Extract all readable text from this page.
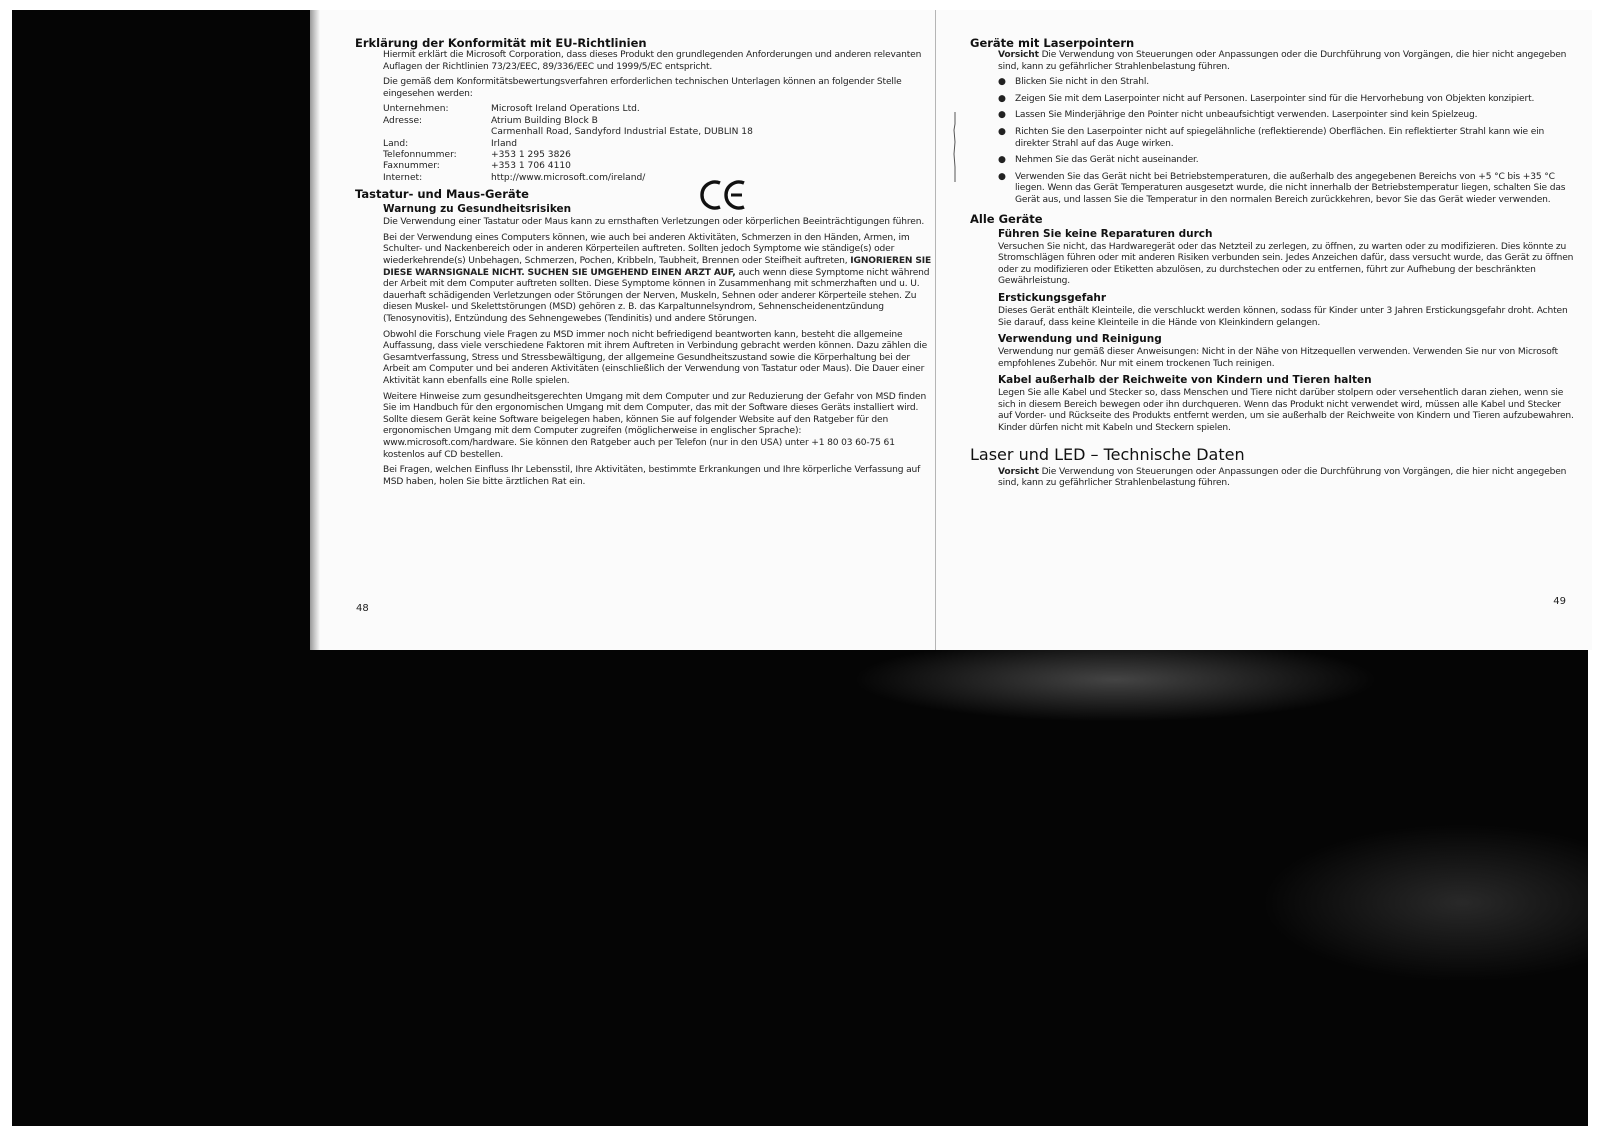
Erklärung der Konformität mit EU-Richtlinien

Hiermit erklärt die Microsoft Corporation, dass dieses Produkt den grundlegenden Anforderungen und anderen relevanten Auflagen der Richtlinien 73/23/EEC, 89/336/EEC und 1999/5/EC entspricht.

Die gemäß dem Konformitätsbewertungsverfahren erforderlichen technischen Unterlagen können an folgender Stelle eingesehen werden:

Unternehmen:	Microsoft Ireland Operations Ltd.
Adresse:	Atrium Building Block B
Carmenhall Road, Sandyford Industrial Estate, DUBLIN 18
Land:	Irland
Telefonnummer:	+353 1 295 3826
Faxnummer:	+353 1 706 4110
Internet:	http://www.microsoft.com/ireland/
Tastatur- und Maus-Geräte
Warnung zu Gesundheitsrisiken

Die Verwendung einer Tastatur oder Maus kann zu ernsthaften Verletzungen oder körperlichen Beeinträchtigungen führen.

Bei der Verwendung eines Computers können, wie auch bei anderen Aktivitäten, Schmerzen in den Händen, Armen, im Schulter- und Nackenbereich oder in anderen Körperteilen auftreten. Sollten jedoch Symptome wie ständige(s) oder wiederkehrende(s) Unbehagen, Schmerzen, Pochen, Kribbeln, Taubheit, Brennen oder Steifheit auftreten, IGNORIEREN SIE DIESE WARNSIGNALE NICHT. SUCHEN SIE UMGEHEND EINEN ARZT AUF, auch wenn diese Symptome nicht während der Arbeit mit dem Computer auftreten sollten. Diese Symptome können in Zusammenhang mit schmerzhaften und u. U. dauerhaft schädigenden Verletzungen oder Störungen der Nerven, Muskeln, Sehnen oder anderer Körperteile stehen. Zu diesen Muskel- und Skelettstörungen (MSD) gehören z. B. das Karpaltunnelsyndrom, Sehnenscheidenentzündung (Tenosynovitis), Entzündung des Sehnengewebes (Tendinitis) und andere Störungen.

Obwohl die Forschung viele Fragen zu MSD immer noch nicht befriedigend beantworten kann, besteht die allgemeine Auffassung, dass viele verschiedene Faktoren mit ihrem Auftreten in Verbindung gebracht werden können. Dazu zählen die Gesamtverfassung, Stress und Stressbewältigung, der allgemeine Gesundheitszustand sowie die Körperhaltung bei der Arbeit am Computer und bei anderen Aktivitäten (einschließlich der Verwendung von Tastatur oder Maus). Die Dauer einer Aktivität kann ebenfalls eine Rolle spielen.

Weitere Hinweise zum gesundheitsgerechten Umgang mit dem Computer und zur Reduzierung der Gefahr von MSD finden Sie im Handbuch für den ergonomischen Umgang mit dem Computer, das mit der Software dieses Geräts installiert wird. Sollte diesem Gerät keine Software beigelegen haben, können Sie auf folgender Website auf den Ratgeber für den ergonomischen Umgang mit dem Computer zugreifen (möglicherweise in englischer Sprache): www.microsoft.com/hardware. Sie können den Ratgeber auch per Telefon (nur in den USA) unter +1 80 03 60-75 61 kostenlos auf CD bestellen.

Bei Fragen, welchen Einfluss Ihr Lebensstil, Ihre Aktivitäten, bestimmte Erkrankungen und Ihre körperliche Verfassung auf MSD haben, holen Sie bitte ärztlichen Rat ein.

48
Geräte mit Laserpointern

Vorsicht Die Verwendung von Steuerungen oder Anpassungen oder die Durchführung von Vorgängen, die hier nicht angegeben sind, kann zu gefährlicher Strahlenbelastung führen.

● Blicken Sie nicht in den Strahl.
● Zeigen Sie mit dem Laserpointer nicht auf Personen. Laserpointer sind für die Hervorhebung von Objekten konzipiert.
● Lassen Sie Minderjährige den Pointer nicht unbeaufsichtigt verwenden. Laserpointer sind kein Spielzeug.
● Richten Sie den Laserpointer nicht auf spiegelähnliche (reflektierende) Oberflächen. Ein reflektierter Strahl kann wie ein direkter Strahl auf das Auge wirken.
● Nehmen Sie das Gerät nicht auseinander.
● Verwenden Sie das Gerät nicht bei Betriebstemperaturen, die außerhalb des angegebenen Bereichs von +5 °C bis +35 °C liegen. Wenn das Gerät Temperaturen ausgesetzt wurde, die nicht innerhalb der Betriebstemperatur liegen, schalten Sie das Gerät aus, und lassen Sie die Temperatur in den normalen Bereich zurückkehren, bevor Sie das Gerät wieder verwenden.
Alle Geräte
Führen Sie keine Reparaturen durch

Versuchen Sie nicht, das Hardwaregerät oder das Netzteil zu zerlegen, zu öffnen, zu warten oder zu modifizieren. Dies könnte zu Stromschlägen führen oder mit anderen Risiken verbunden sein. Jedes Anzeichen dafür, dass versucht wurde, das Gerät zu öffnen oder zu modifizieren oder Etiketten abzulösen, zu durchstechen oder zu entfernen, führt zur Aufhebung der beschränkten Gewährleistung.

Erstickungsgefahr

Dieses Gerät enthält Kleinteile, die verschluckt werden können, sodass für Kinder unter 3 Jahren Erstickungsgefahr droht. Achten Sie darauf, dass keine Kleinteile in die Hände von Kleinkindern gelangen.

Verwendung und Reinigung

Verwendung nur gemäß dieser Anweisungen: Nicht in der Nähe von Hitzequellen verwenden. Verwenden Sie nur von Microsoft empfohlenes Zubehör. Nur mit einem trockenen Tuch reinigen.

Kabel außerhalb der Reichweite von Kindern und Tieren halten

Legen Sie alle Kabel und Stecker so, dass Menschen und Tiere nicht darüber stolpern oder versehentlich daran ziehen, wenn sie sich in diesem Bereich bewegen oder ihn durchqueren. Wenn das Produkt nicht verwendet wird, müssen alle Kabel und Stecker auf Vorder- und Rückseite des Produkts entfernt werden, um sie außerhalb der Reichweite von Kindern und Tieren aufzubewahren. Kinder dürfen nicht mit Kabeln und Steckern spielen.

Laser und LED – Technische Daten

Vorsicht Die Verwendung von Steuerungen oder Anpassungen oder die Durchführung von Vorgängen, die hier nicht angegeben sind, kann zu gefährlicher Strahlenbelastung führen.

49
